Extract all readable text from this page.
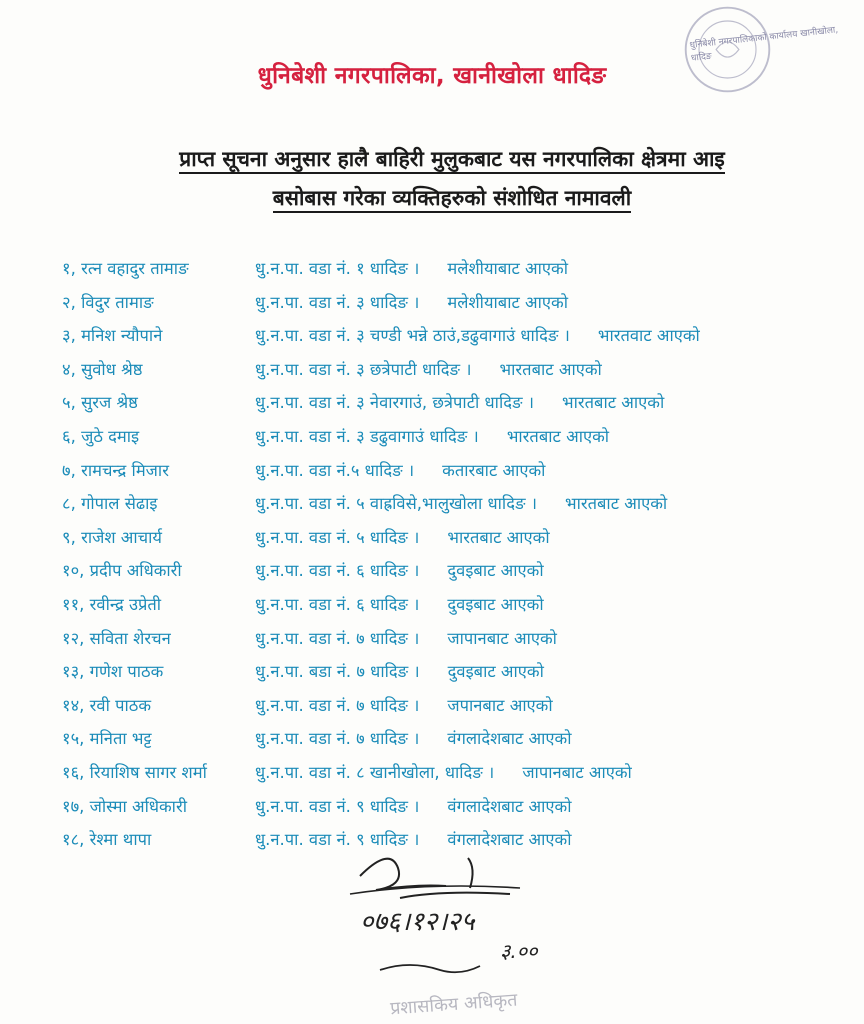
धुनिबेशी नगरपालिकाको कार्यालय खानीखोला, धादिङ
धुनिबेशी नगरपालिका, खानीखोला धादिङ
प्राप्त सूचना अनुसार हालै बाहिरी मुलुकबाट यस नगरपालिका क्षेत्रमा आइ
बसोबास गरेका व्यक्तिहरुको संशोधित नामावली
१, रत्न वहादुर तामाङ	धु.न.पा. वडा नं. १ धादिङ । मलेशीयाबाट आएको
२, विदुर तामाङ	धु.न.पा. वडा नं. ३ धादिङ । मलेशीयाबाट आएको
३, मनिश न्यौपाने	धु.न.पा. वडा नं. ३ चण्डी भन्ने ठाउं,डढुवागाउं धादिङ । भारतवाट आएको
४, सुवोध श्रेष्ठ	धु.न.पा. वडा नं. ३ छत्रेपाटी धादिङ । भारतबाट आएको
५, सुरज श्रेष्ठ	धु.न.पा. वडा नं. ३ नेवारगाउं, छत्रेपाटी धादिङ । भारतबाट आएको
६, जुठे दमाइ	धु.न.पा. वडा नं. ३ डढुवागाउं धादिङ । भारतबाट आएको
७, रामचन्द्र मिजार	धु.न.पा. वडा नं.५ धादिङ । कतारबाट आएको
८, गोपाल सेढाइ	धु.न.पा. वडा नं. ५ वाह्रविसे,भालुखोला धादिङ । भारतबाट आएको
९, राजेश आचार्य	धु.न.पा. वडा नं. ५ धादिङ । भारतबाट आएको
१०, प्रदीप अधिकारी	धु.न.पा. वडा नं. ६ धादिङ । दुवइबाट आएको
११, रवीन्द्र उप्रेती	धु.न.पा. वडा नं. ६ धादिङ । दुवइबाट आएको
१२, सविता शेरचन	धु.न.पा. वडा नं. ७ धादिङ । जापानबाट आएको
१३, गणेश पाठक	धु.न.पा. बडा नं. ७ धादिङ । दुवइबाट आएको
१४, रवी पाठक	धु.न.पा. वडा नं. ७ धादिङ । जपानबाट आएको
१५, मनिता भट्ट	धु.न.पा. वडा नं. ७ धादिङ । वंगलादेशबाट आएको
१६, रियाशिष सागर शर्मा	धु.न.पा. वडा नं. ८ खानीखोला, धादिङ । जापानबाट आएको
१७, जोस्मा अधिकारी	धु.न.पा. वडा नं. ९ धादिङ । वंगलादेशबाट आएको
१८, रेश्मा थापा	धु.न.पा. वडा नं. ९ धादिङ । वंगलादेशबाट आएको
०७६।१२।२५
३.००
प्रशासकिय अधिकृत
